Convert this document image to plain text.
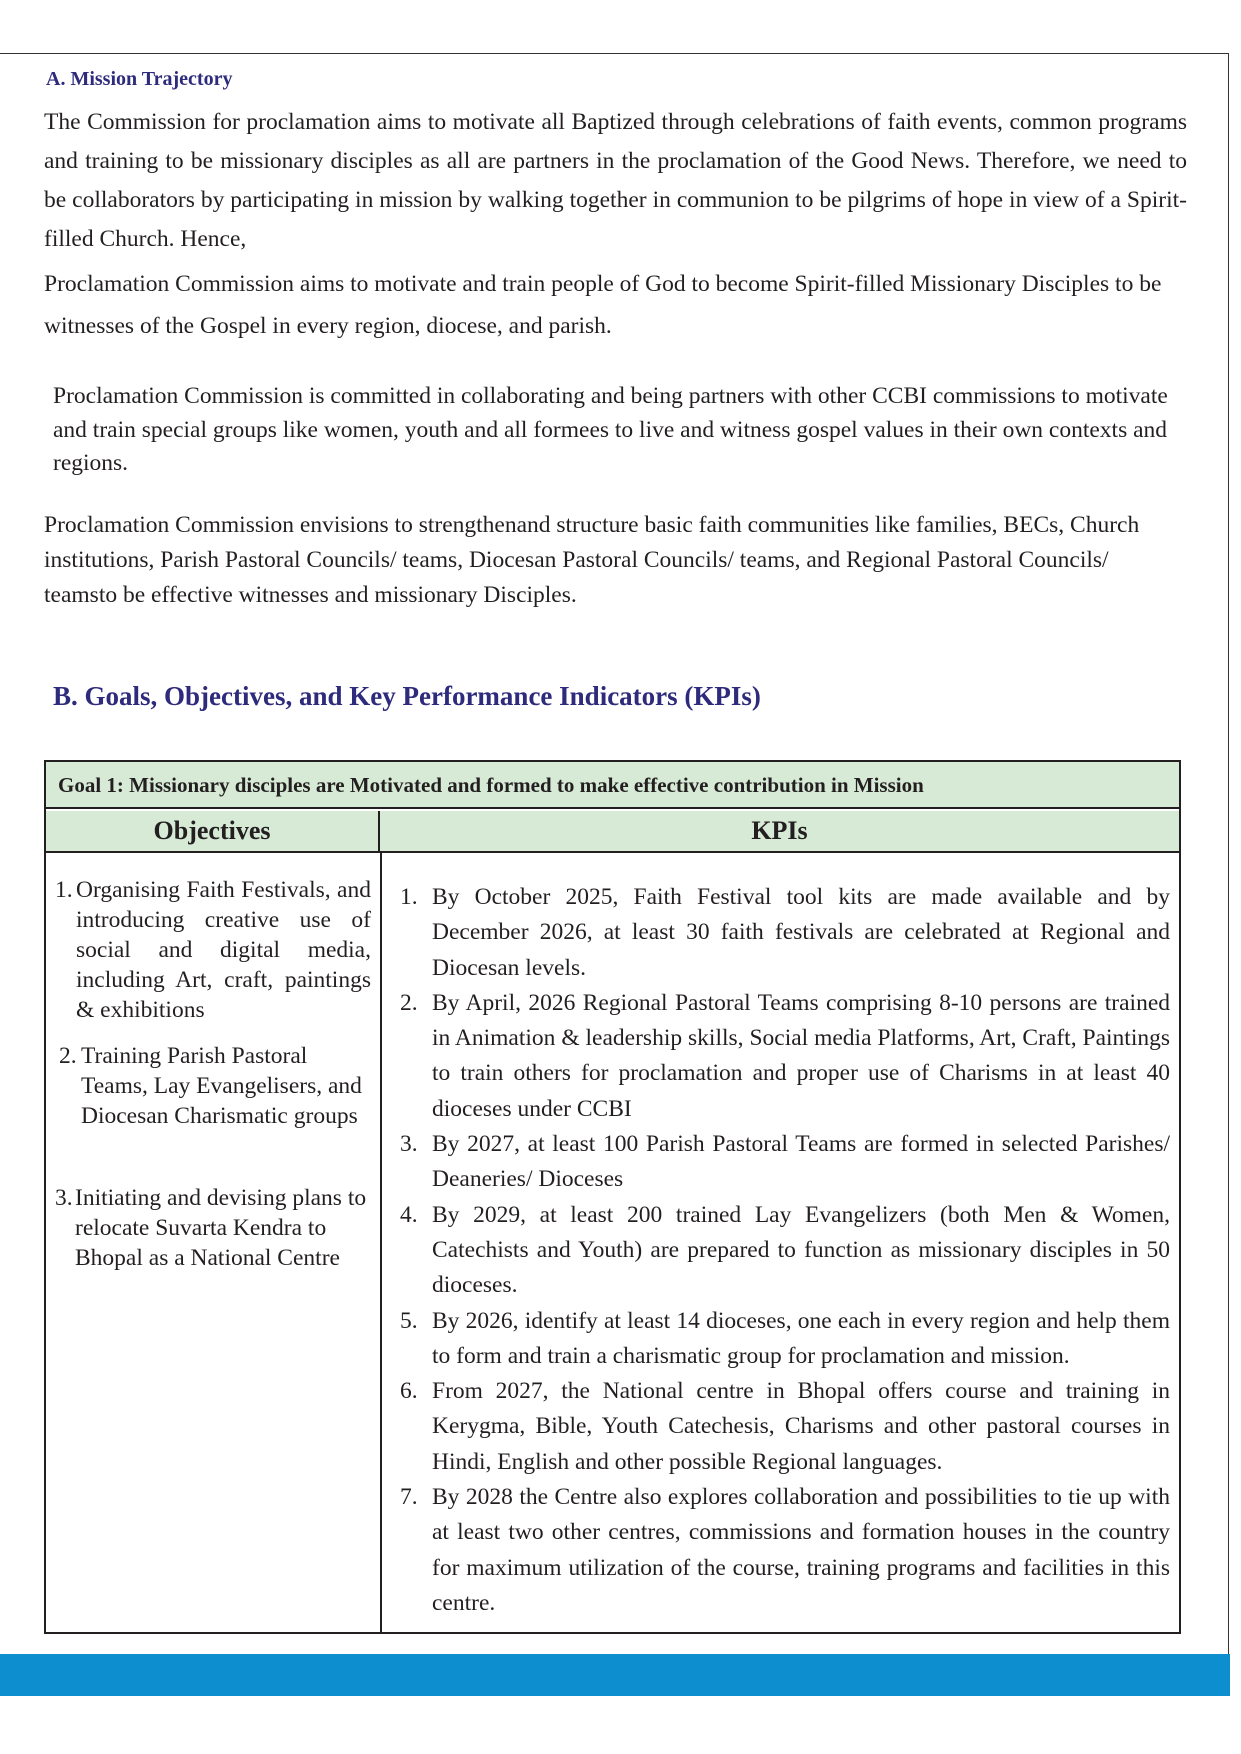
A. Mission Trajectory

The Commission for proclamation aims to motivate all Baptized through celebrations of faith events, common programs and training to be missionary disciples as all are partners in the proclamation of the Good News. Therefore, we need to be collaborators by participating in mission by walking together in communion to be pilgrims of hope in view of a Spirit-filled Church. Hence,

Proclamation Commission aims to motivate and train people of God to become Spirit-filled Missionary Disciples to be witnesses of the Gospel in every region, diocese, and parish.

Proclamation Commission is committed in collaborating and being partners with other CCBI commissions to motivate and train special groups like women, youth and all formees to live and witness gospel values in their own contexts and regions.

Proclamation Commission envisions to strengthenand structure basic faith communities like families, BECs, Church institutions, Parish Pastoral Councils/ teams, Diocesan Pastoral Councils/ teams, and Regional Pastoral Councils/ teamsto be effective witnesses and missionary Disciples.

B. Goals, Objectives, and Key Performance Indicators (KPIs)
Goal 1: Missionary disciples are Motivated and formed to make effective contribution in Mission
Objectives	KPIs
1. Organising Faith Festivals, and introducing creative use of social and digital media, including Art, craft, paintings & exhibitions
2. Training Parish Pastoral Teams, Lay Evangelisers, and Diocesan Charismatic groups
3. Initiating and devising plans to relocate Suvarta Kendra to Bhopal as a National Centre
1. By October 2025, Faith Festival tool kits are made available and by December 2026, at least 30 faith festivals are celebrated at Regional and Diocesan levels.
2. By April, 2026 Regional Pastoral Teams comprising 8-10 persons are trained in Animation & leadership skills, Social media Platforms, Art, Craft, Paintings to train others for proclamation and proper use of Charisms in at least 40 dioceses under CCBI
3. By 2027, at least 100 Parish Pastoral Teams are formed in selected Parishes/ Deaneries/ Dioceses
4. By 2029, at least 200 trained Lay Evangelizers (both Men & Women, Catechists and Youth) are prepared to function as missionary disciples in 50 dioceses.
5. By 2026, identify at least 14 dioceses, one each in every region and help them to form and train a charismatic group for proclamation and mission.
6. From 2027, the National centre in Bhopal offers course and training in Kerygma, Bible, Youth Catechesis, Charisms and other pastoral courses in Hindi, English and other possible Regional languages.
7. By 2028 the Centre also explores collaboration and possibilities to tie up with at least two other centres, commissions and formation houses in the country for maximum utilization of the course, training programs and facilities in this centre.
